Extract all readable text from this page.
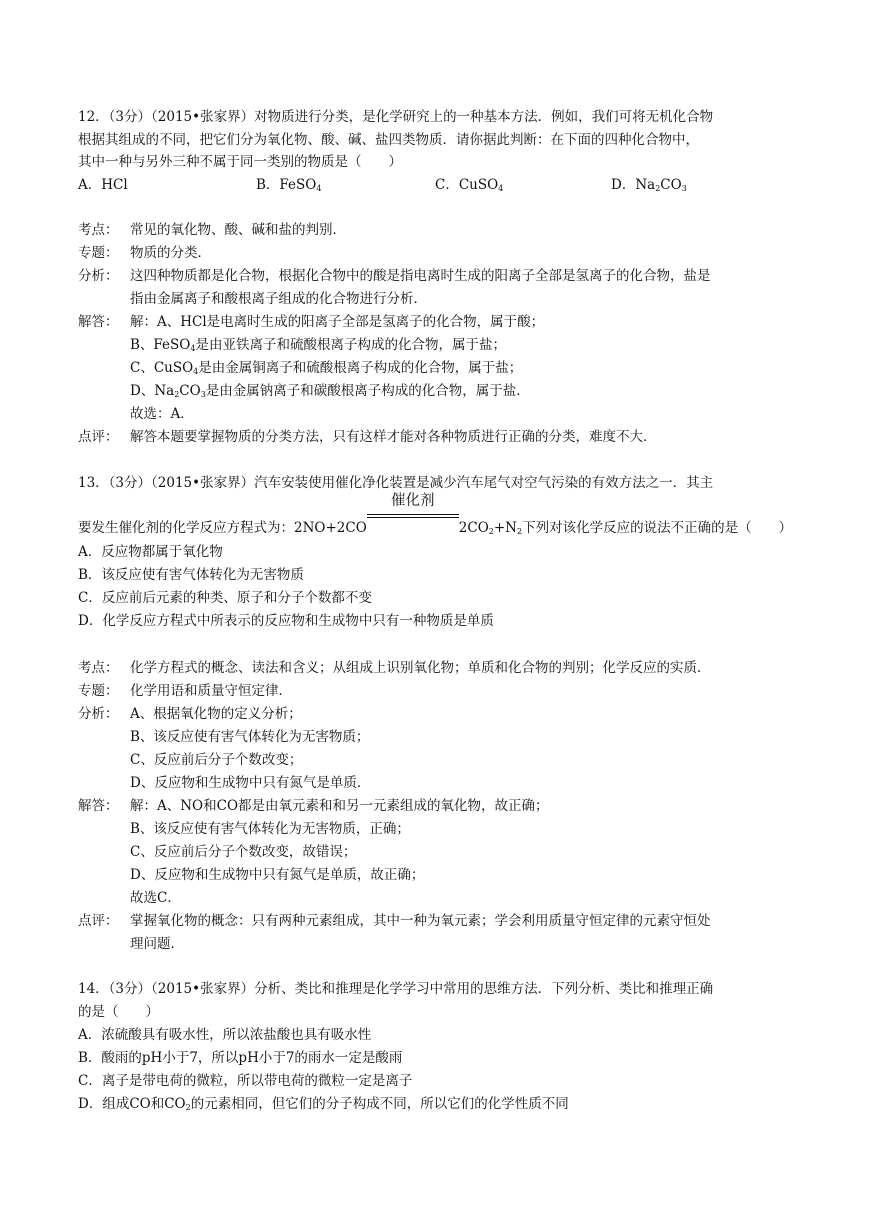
12．（3分）（2015•张家界）对物质进行分类，是化学研究上的一种基本方法．例如，我们可将无机化合物
根据其组成的不同，把它们分为氧化物、酸、碱、盐四类物质．请你据此判断：在下面的四种化合物中，
其中一种与另外三种不属于同一类别的物质是（　　）
A．HCl	B．FeSO$_4$	C．CuSO$_4$	D．$Na_2CO_3$
考点： 常见的氧化物、酸、碱和盐的判别．
专题： 物质的分类．
分析： 这四种物质都是化合物，根据化合物中的酸是指电离时生成的阳离子全部是氢离子的化合物，盐是
指由金属离子和酸根离子组成的化合物进行分析．
解答： 解：A、HCl是电离时生成的阳离子全部是氢离子的化合物，属于酸；
B、FeSO$_4$是由亚铁离子和硫酸根离子构成的化合物，属于盐；
C、CuSO$_4$是由金属铜离子和硫酸根离子构成的化合物，属于盐；
D、$Na_2CO_3$是由金属钠离子和碳酸根离子构成的化合物，属于盐．
故选：A．
点评： 解答本题要掌握物质的分类方法，只有这样才能对各种物质进行正确的分类，难度不大．
13．（3分）（2015•张家界）汽车安装使用催化净化装置是减少汽车尾气对空气污染的有效方法之一．其主
要发生催化剂的化学反应方程式为：2NO+2CO
催化剂
$2CO_2+N_2$下列对该化学反应的说法不正确的是（　　）
A．反应物都属于氧化物
B．该反应使有害气体转化为无害物质
C．反应前后元素的种类、原子和分子个数都不变
D．化学反应方程式中所表示的反应物和生成物中只有一种物质是单质
考点： 化学方程式的概念、读法和含义；从组成上识别氧化物；单质和化合物的判别；化学反应的实质．
专题： 化学用语和质量守恒定律．
分析： A、根据氧化物的定义分析；
B、该反应使有害气体转化为无害物质；
C、反应前后分子个数改变；
D、反应物和生成物中只有氮气是单质．
解答： 解：A、NO和CO都是由氧元素和和另一元素组成的氧化物，故正确；
B、该反应使有害气体转化为无害物质，正确；
C、反应前后分子个数改变，故错误；
D、反应物和生成物中只有氮气是单质，故正确；
故选C．
点评： 掌握氧化物的概念：只有两种元素组成，其中一种为氧元素；学会利用质量守恒定律的元素守恒处
理问题．
14．（3分）（2015•张家界）分析、类比和推理是化学学习中常用的思维方法．下列分析、类比和推理正确
的是（　　）
A．浓硫酸具有吸水性，所以浓盐酸也具有吸水性
B．酸雨的pH小于7，所以pH小于7的雨水一定是酸雨
C．离子是带电荷的微粒，所以带电荷的微粒一定是离子
D．组成CO和$CO_2$的元素相同，但它们的分子构成不同，所以它们的化学性质不同
